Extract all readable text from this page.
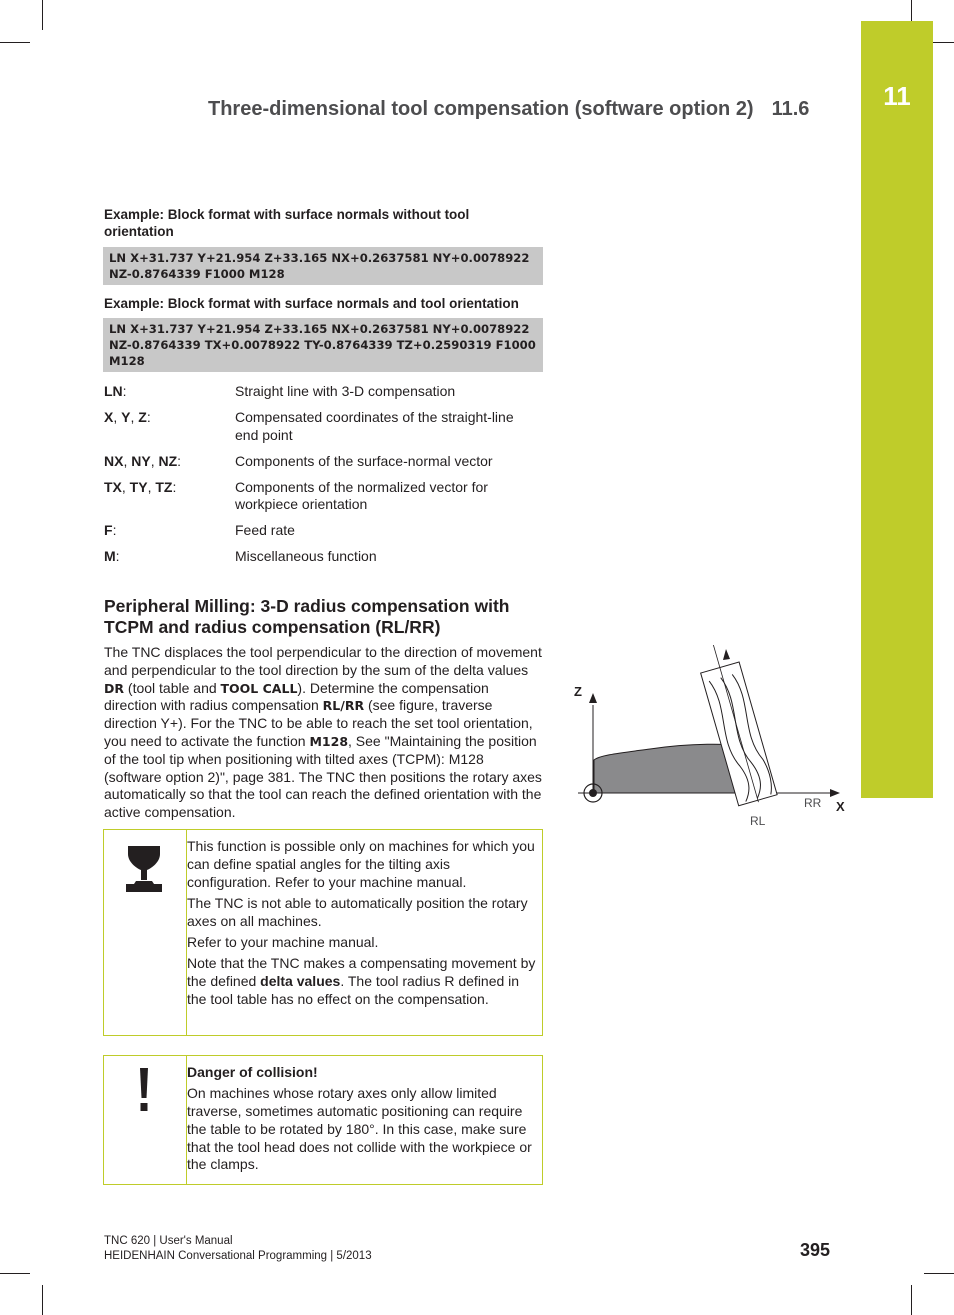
11
Three-dimensional tool compensation (software option 2) 11.6
Example: Block format with surface normals without tool
orientation
LN X+31.737 Y+21.954 Z+33.165 NX+0.2637581 NY+0.0078922
NZ-0.8764339 F1000 M128
Example: Block format with surface normals and tool orientation
LN X+31.737 Y+21.954 Z+33.165 NX+0.2637581 NY+0.0078922
NZ-0.8764339 TX+0.0078922 TY-0.8764339 TZ+0.2590319 F1000
M128
LN:	Straight line with 3-D compensation
X, Y, Z:	Compensated coordinates of the straight-line end point
NX, NY, NZ:	Components of the surface-normal vector
TX, TY, TZ:	Components of the normalized vector for workpiece orientation
F:	Feed rate
M:	Miscellaneous function
Peripheral Milling: 3-D radius compensation with
TCPM and radius compensation (RL/RR)
The TNC displaces the tool perpendicular to the direction of movement and perpendicular to the tool direction by the sum of the delta values DR (tool table and TOOL CALL). Determine the compensation direction with radius compensation RL/RR (see figure, traverse direction Y+). For the TNC to be able to reach the set tool orientation, you need to activate the function M128, See "Maintaining the position of the tool tip when positioning with tilted axes (TCPM): M128 (software option 2)", page 381. The TNC then positions the rotary axes automatically so that the tool can reach the defined orientation with the active compensation.
Z
X
RR
RL

This function is possible only on machines for which you can define spatial angles for the tilting axis configuration. Refer to your machine manual.

The TNC is not able to automatically position the rotary axes on all machines.

Refer to your machine manual.

Note that the TNC makes a compensating movement by the defined delta values. The tool radius R defined in the tool table has no effect on the compensation.

Danger of collision!

On machines whose rotary axes only allow limited traverse, sometimes automatic positioning can require the table to be rotated by 180°. In this case, make sure that the tool head does not collide with the workpiece or the clamps.

TNC 620 | User's Manual
HEIDENHAIN Conversational Programming | 5/2013	395
